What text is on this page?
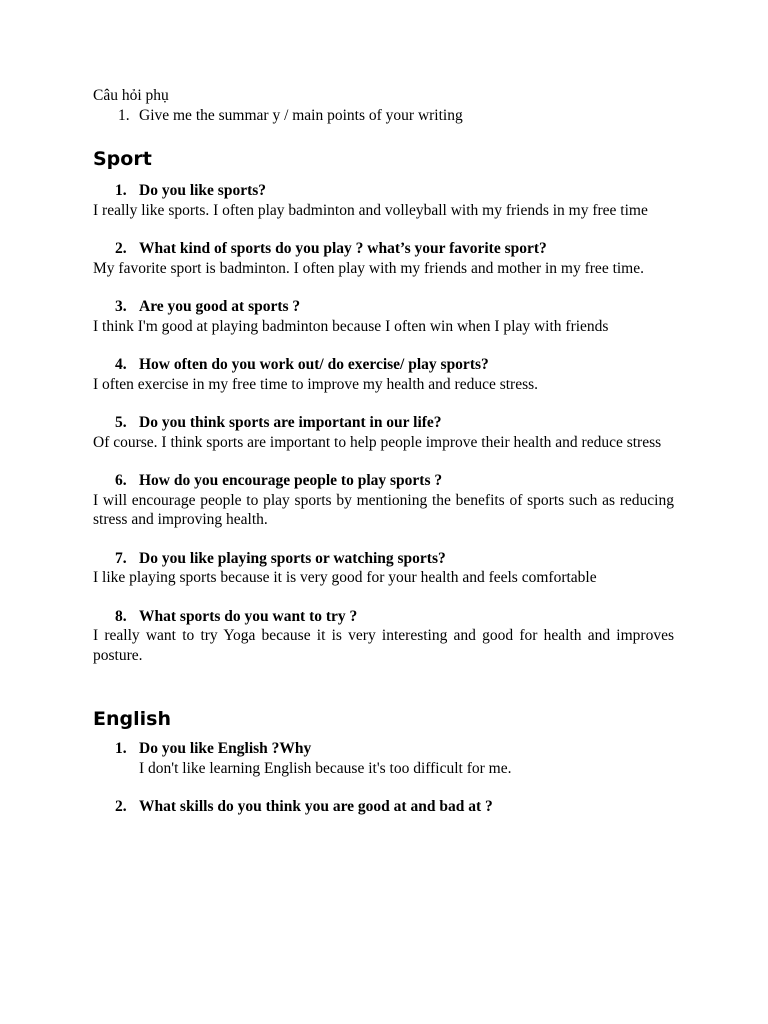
Câu hỏi phụ

1. Give me the summar y / main points of your writing
Sport

1. Do you like sports?

I really like sports. I often play badminton and volleyball with my friends in my free time

2. What kind of sports do you play ? what’s your favorite sport?

My favorite sport is badminton. I often play with my friends and mother in my free time.

3. Are you good at sports ?

I think I'm good at playing badminton because I often win when I play with friends

4. How often do you work out/ do exercise/ play sports?

I often exercise in my free time to improve my health and reduce stress.

5. Do you think sports are important in our life?

Of course. I think sports are important to help people improve their health and reduce stress

6. How do you encourage people to play sports ?

I will encourage people to play sports by mentioning the benefits of sports such as reducing stress and improving health.

7. Do you like playing sports or watching sports?

I like playing sports because it is very good for your health and feels comfortable

8. What sports do you want to try ?

I really want to try Yoga because it is very interesting and good for health and improves posture.

English

1. Do you like English ?Why

I don't like learning English because it's too difficult for me.

2. What skills do you think you are good at and bad at ?
